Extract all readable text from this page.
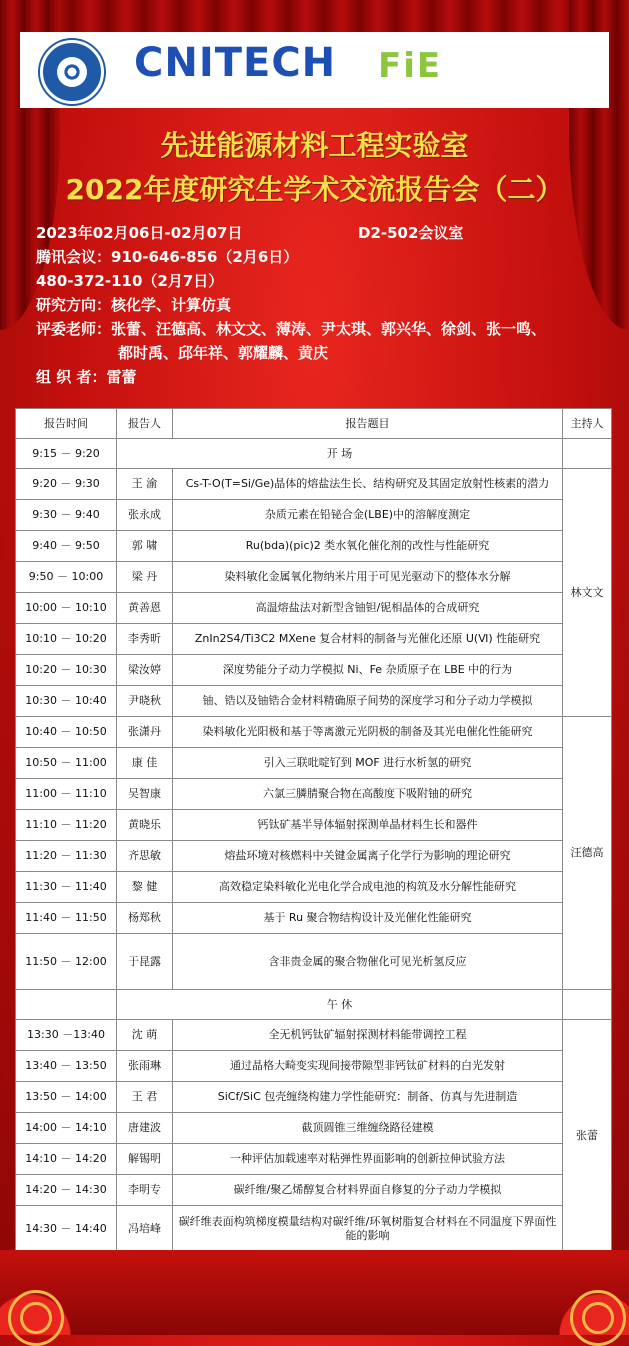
CNITECH FiE
先进能源材料工程实验室
2022年度研究生学术交流报告会（二）
2023年02月06日-02月07日	D2-502会议室
腾讯会议：910-646-856（2月6日）
480-372-110（2月7日）
研究方向：核化学、计算仿真
评委老师：张蕾、汪德高、林文文、薄涛、尹太琪、郭兴华、徐剑、张一鸣、
都时禹、邱年祥、郭耀麟、黄庆
组 织 者：雷蕾
报告时间	报告人	报告题目	主持人
9:15 － 9:20	开 场		
9:20 － 9:30	王 渝	Cs-T-O(T=Si/Ge)晶体的熔盐法生长、结构研究及其固定放射性核素的潜力	林文文
9:30 － 9:40	张永成	杂质元素在铅铋合金(LBE)中的溶解度测定	
9:40 － 9:50	郭 啸	Ru(bda)(pic)2 类水氧化催化剂的改性与性能研究	
9:50 － 10:00	梁 丹	染料敏化金属氧化物纳米片用于可见光驱动下的整体水分解	
10:00 － 10:10	黄善恩	高温熔盐法对新型含铀钽/铌相晶体的合成研究	
10:10 － 10:20	李秀昕	ZnIn2S4/Ti3C2 MXene 复合材料的制备与光催化还原 U(Ⅵ) 性能研究	
10:20 － 10:30	梁汝婷	深度势能分子动力学模拟 Ni、Fe 杂质原子在 LBE 中的行为	
10:30 － 10:40	尹晓秋	铀、锆以及铀锆合金材料精确原子间势的深度学习和分子动力学模拟	
10:40 － 10:50	张潇丹	染料敏化光阳极和基于等离激元光阴极的制备及其光电催化性能研究	汪德高
10:50 － 11:00	康 佳	引入三联吡啶钌到 MOF 进行水析氢的研究	
11:00 － 11:10	吴智康	六氯三膦腈聚合物在高酸度下吸附铀的研究	
11:10 － 11:20	黄晓乐	钙钛矿基半导体辐射探测单晶材料生长和器件	
11:20 － 11:30	齐思敏	熔盐环境对核燃料中关键金属离子化学行为影响的理论研究	
11:30 － 11:40	黎 健	高效稳定染料敏化光电化学合成电池的构筑及水分解性能研究	
11:40 － 11:50	杨郑秋	基于 Ru 聚合物结构设计及光催化性能研究	
11:50 － 12:00	于昆露	含非贵金属的聚合物催化可见光析氢反应	
	午 休		
13:30 －13:40	沈 萌	全无机钙钛矿辐射探测材料能带调控工程	张蕾
13:40 － 13:50	张雨琳	通过晶格大畸变实现间接带隙型非钙钛矿材料的白光发射	
13:50 － 14:00	王 君	SiCf/SiC 包壳缠绕构建力学性能研究：制备、仿真与先进制造	
14:00 － 14:10	唐建波	截顶圆锥三维缠绕路径建模	
14:10 － 14:20	解锡明	一种评估加载速率对粘弹性界面影响的创新拉伸试验方法	
14:20 － 14:30	李明专	碳纤维/聚乙烯醇复合材料界面自修复的分子动力学模拟	
14:30 － 14:40	冯培峰	碳纤维表面构筑梯度模量结构对碳纤维/环氧树脂复合材料在不同温度下界面性能的影响	
